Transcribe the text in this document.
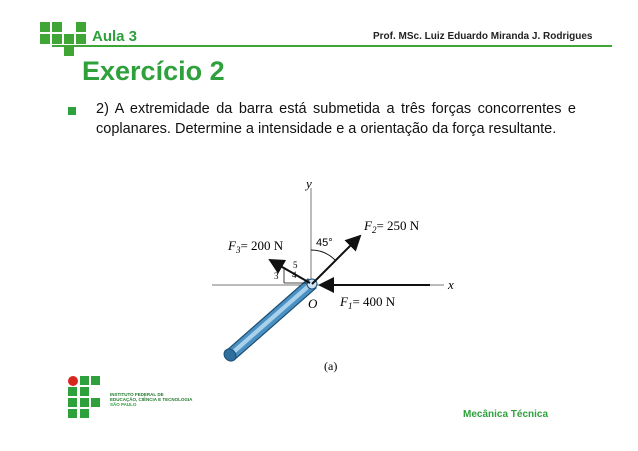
Aula 3	Prof. MSc. Luiz Eduardo Miranda J. Rodrigues
Exercício 2
2) A extremidade da barra está submetida a três forças concorrentes e coplanares. Determine a intensidade e a orientação da força resultante.
y
x
45°
$F_2= 250$ N
$F_3= 200$ N
3 4
5
$F_1= 400$ N
O
(a)
INSTITUTO FEDERAL DE
EDUCAÇÃO, CIÊNCIA E TECNOLOGIA
SÃO PAULO
Mecânica Técnica
